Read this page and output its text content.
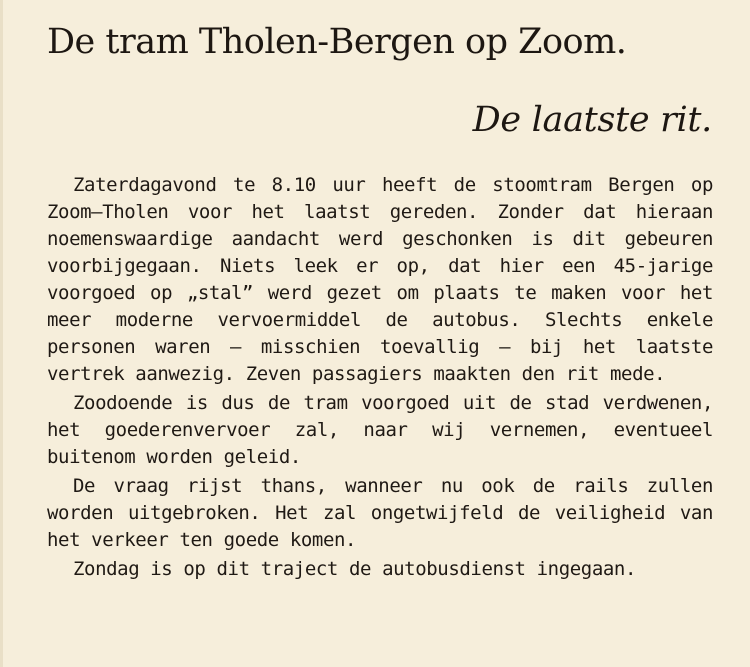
De tram Tholen-Bergen op Zoom.
De laatste rit.

Zaterdagavond te 8.10 uur heeft de stoomtram Bergen op Zoom—Tholen voor het laatst gereden. Zonder dat hieraan noemenswaardige aandacht werd geschonken is dit gebeuren voorbijgegaan. Niets leek er op, dat hier een 45-jarige voorgoed op „stal” werd gezet om plaats te maken voor het meer moderne vervoermiddel de autobus. Slechts enkele personen waren — misschien toevallig — bij het laatste vertrek aanwezig. Zeven passagiers maakten den rit mede.

Zoodoende is dus de tram voorgoed uit de stad verdwenen, het goederenvervoer zal, naar wij vernemen, eventueel buitenom worden geleid.

De vraag rijst thans, wanneer nu ook de rails zullen worden uitgebroken. Het zal ongetwijfeld de veiligheid van het verkeer ten goede komen.

Zondag is op dit traject de autobusdienst ingegaan.
